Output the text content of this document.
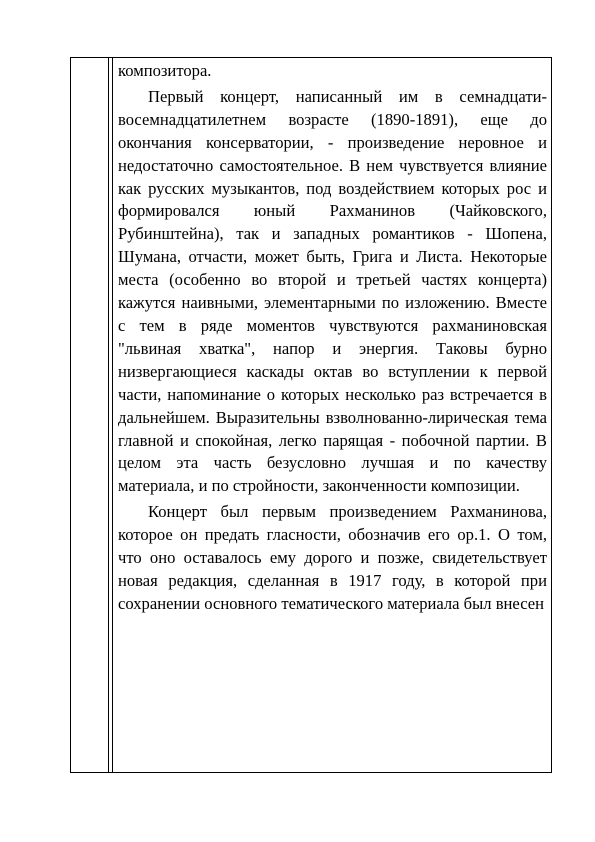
композитора.

Первый концерт, написанный им в семнадцати-восемнадцатилетнем возрасте (1890-1891), еще до окончания консерватории, - произведение неровное и недостаточно самостоятельное. В нем чувствуется влияние как русских музыкантов, под воздействием которых рос и формировался юный Рахманинов (Чайковского, Рубинштейна), так и западных романтиков - Шопена, Шумана, отчасти, может быть, Грига и Листа. Некоторые места (особенно во второй и третьей частях концерта) кажутся наивными, элементарными по изложению. Вместе с тем в ряде моментов чувствуются рахманиновская "львиная хватка", напор и энергия. Таковы бурно низвергающиеся каскады октав во вступлении к первой части, напоминание о которых несколько раз встречается в дальнейшем. Выразительны взволнованно-лирическая тема главной и спокойная, легко парящая - побочной партии. В целом эта часть безусловно лучшая и по качеству материала, и по стройности, законченности композиции.

Концерт был первым произведением Рахманинова, которое он предать гласности, обозначив его ор.1. О том, что оно оставалось ему дорого и позже, свидетельствует новая редакция, сделанная в 1917 году, в которой при сохранении основного тематического материала был внесен
